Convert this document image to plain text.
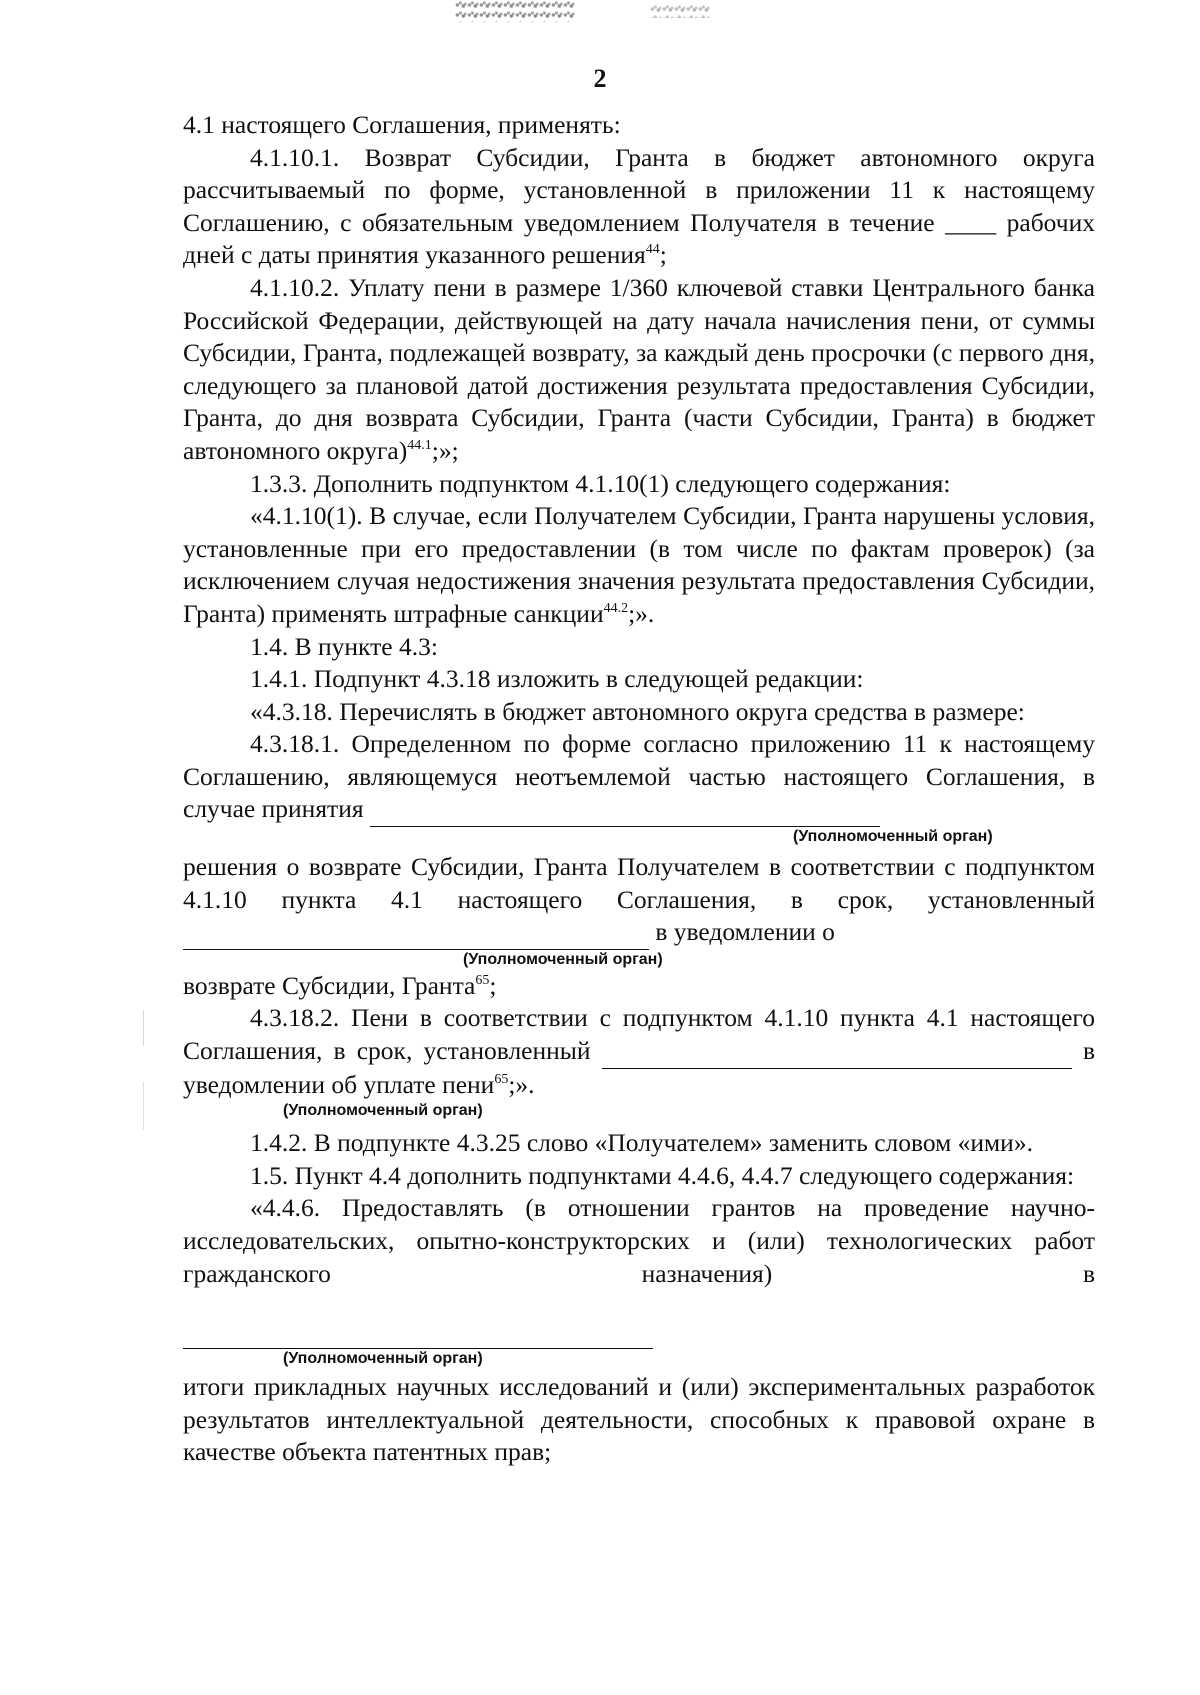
2

4.1 настоящего Соглашения, применять:

4.1.10.1. Возврат Субсидии, Гранта в бюджет автономного округа рассчитываемый по форме, установленной в приложении 11 к настоящему Соглашению, с обязательным уведомлением Получателя в течение ____ рабочих дней с даты принятия указанного решения$^{44}$;

4.1.10.2. Уплату пени в размере 1/360 ключевой ставки Центрального банка Российской Федерации, действующей на дату начала начисления пени, от суммы Субсидии, Гранта, подлежащей возврату, за каждый день просрочки (с первого дня, следующего за плановой датой достижения результата предоставления Субсидии, Гранта, до дня возврата Субсидии, Гранта (части Субсидии, Гранта) в бюджет автономного округа)$^{44.1}$;»;

1.3.3. Дополнить подпунктом 4.1.10(1) следующего содержания:

«4.1.10(1). В случае, если Получателем Субсидии, Гранта нарушены условия, установленные при его предоставлении (в том числе по фактам проверок) (за исключением случая недостижения значения результата предоставления Субсидии, Гранта) применять штрафные санкции$^{44.2}$;».

1.4. В пункте 4.3:

1.4.1. Подпункт 4.3.18 изложить в следующей редакции:

«4.3.18. Перечислять в бюджет автономного округа средства в размере:

4.3.18.1. Определенном по форме согласно приложению 11 к настоящему Соглашению, являющемуся неотъемлемой частью настоящего Соглашения, в случае принятия

(Уполномоченный орган)

решения о возврате Субсидии, Гранта Получателем в соответствии с подпунктом 4.1.10 пункта 4.1 настоящего Соглашения, в срок, установленный   в уведомлении о

(Уполномоченный орган)

возврате Субсидии, Гранта$^{65}$;

4.3.18.2. Пени в соответствии с подпунктом 4.1.10 пункта 4.1 настоящего Соглашения, в срок, установленный	в уведомлении об уплате пени$^{65}$;».

(Уполномоченный орган)

1.4.2. В подпункте 4.3.25 слово «Получателем» заменить словом «ими».

1.5. Пункт 4.4 дополнить подпунктами 4.4.6, 4.4.7 следующего содержания:

«4.4.6. Предоставлять (в отношении грантов на проведение научно-исследовательских, опытно-конструкторских и (или) технологических работ гражданского назначения) в

(Уполномоченный орган)

итоги прикладных научных исследований и (или) экспериментальных разработок результатов интеллектуальной деятельности, способных к правовой охране в качестве объекта патентных прав;
